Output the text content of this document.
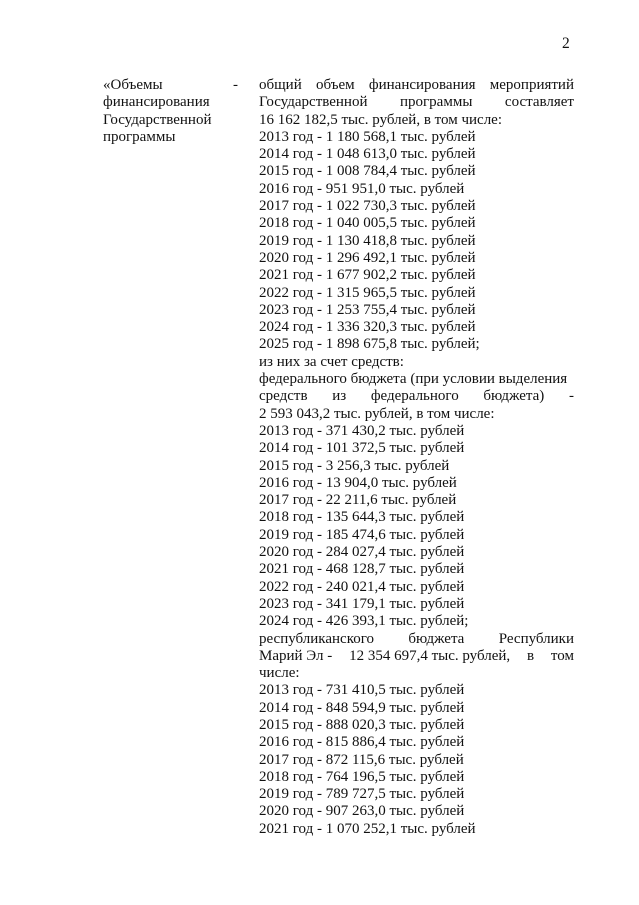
2
«Объемы
финансирования
Государственной
программы
- общий объем финансирования мероприятий
Государственной программы составляет
16 162 182,5 тыс. рублей, в том числе:
2013 год - 1 180 568,1 тыс. рублей
2014 год - 1 048 613,0 тыс. рублей
2015 год - 1 008 784,4 тыс. рублей
2016 год - 951 951,0 тыс. рублей
2017 год - 1 022 730,3 тыс. рублей
2018 год - 1 040 005,5 тыс. рублей
2019 год - 1 130 418,8 тыс. рублей
2020 год - 1 296 492,1 тыс. рублей
2021 год - 1 677 902,2 тыс. рублей
2022 год - 1 315 965,5 тыс. рублей
2023 год - 1 253 755,4 тыс. рублей
2024 год - 1 336 320,3 тыс. рублей
2025 год - 1 898 675,8 тыс. рублей;
из них за счет средств:
федерального бюджета (при условии выделения
средств из федерального бюджета) -
2 593 043,2 тыс. рублей, в том числе:
2013 год - 371 430,2 тыс. рублей
2014 год - 101 372,5 тыс. рублей
2015 год - 3 256,3 тыс. рублей
2016 год - 13 904,0 тыс. рублей
2017 год - 22 211,6 тыс. рублей
2018 год - 135 644,3 тыс. рублей
2019 год - 185 474,6 тыс. рублей
2020 год - 284 027,4 тыс. рублей
2021 год - 468 128,7 тыс. рублей
2022 год - 240 021,4 тыс. рублей
2023 год - 341 179,1 тыс. рублей
2024 год - 426 393,1 тыс. рублей;
республиканского бюджета Республики
Марий Эл - 12 354 697,4 тыс. рублей, в том
числе:
2013 год - 731 410,5 тыс. рублей
2014 год - 848 594,9 тыс. рублей
2015 год - 888 020,3 тыс. рублей
2016 год - 815 886,4 тыс. рублей
2017 год - 872 115,6 тыс. рублей
2018 год - 764 196,5 тыс. рублей
2019 год - 789 727,5 тыс. рублей
2020 год - 907 263,0 тыс. рублей
2021 год - 1 070 252,1 тыс. рублей
